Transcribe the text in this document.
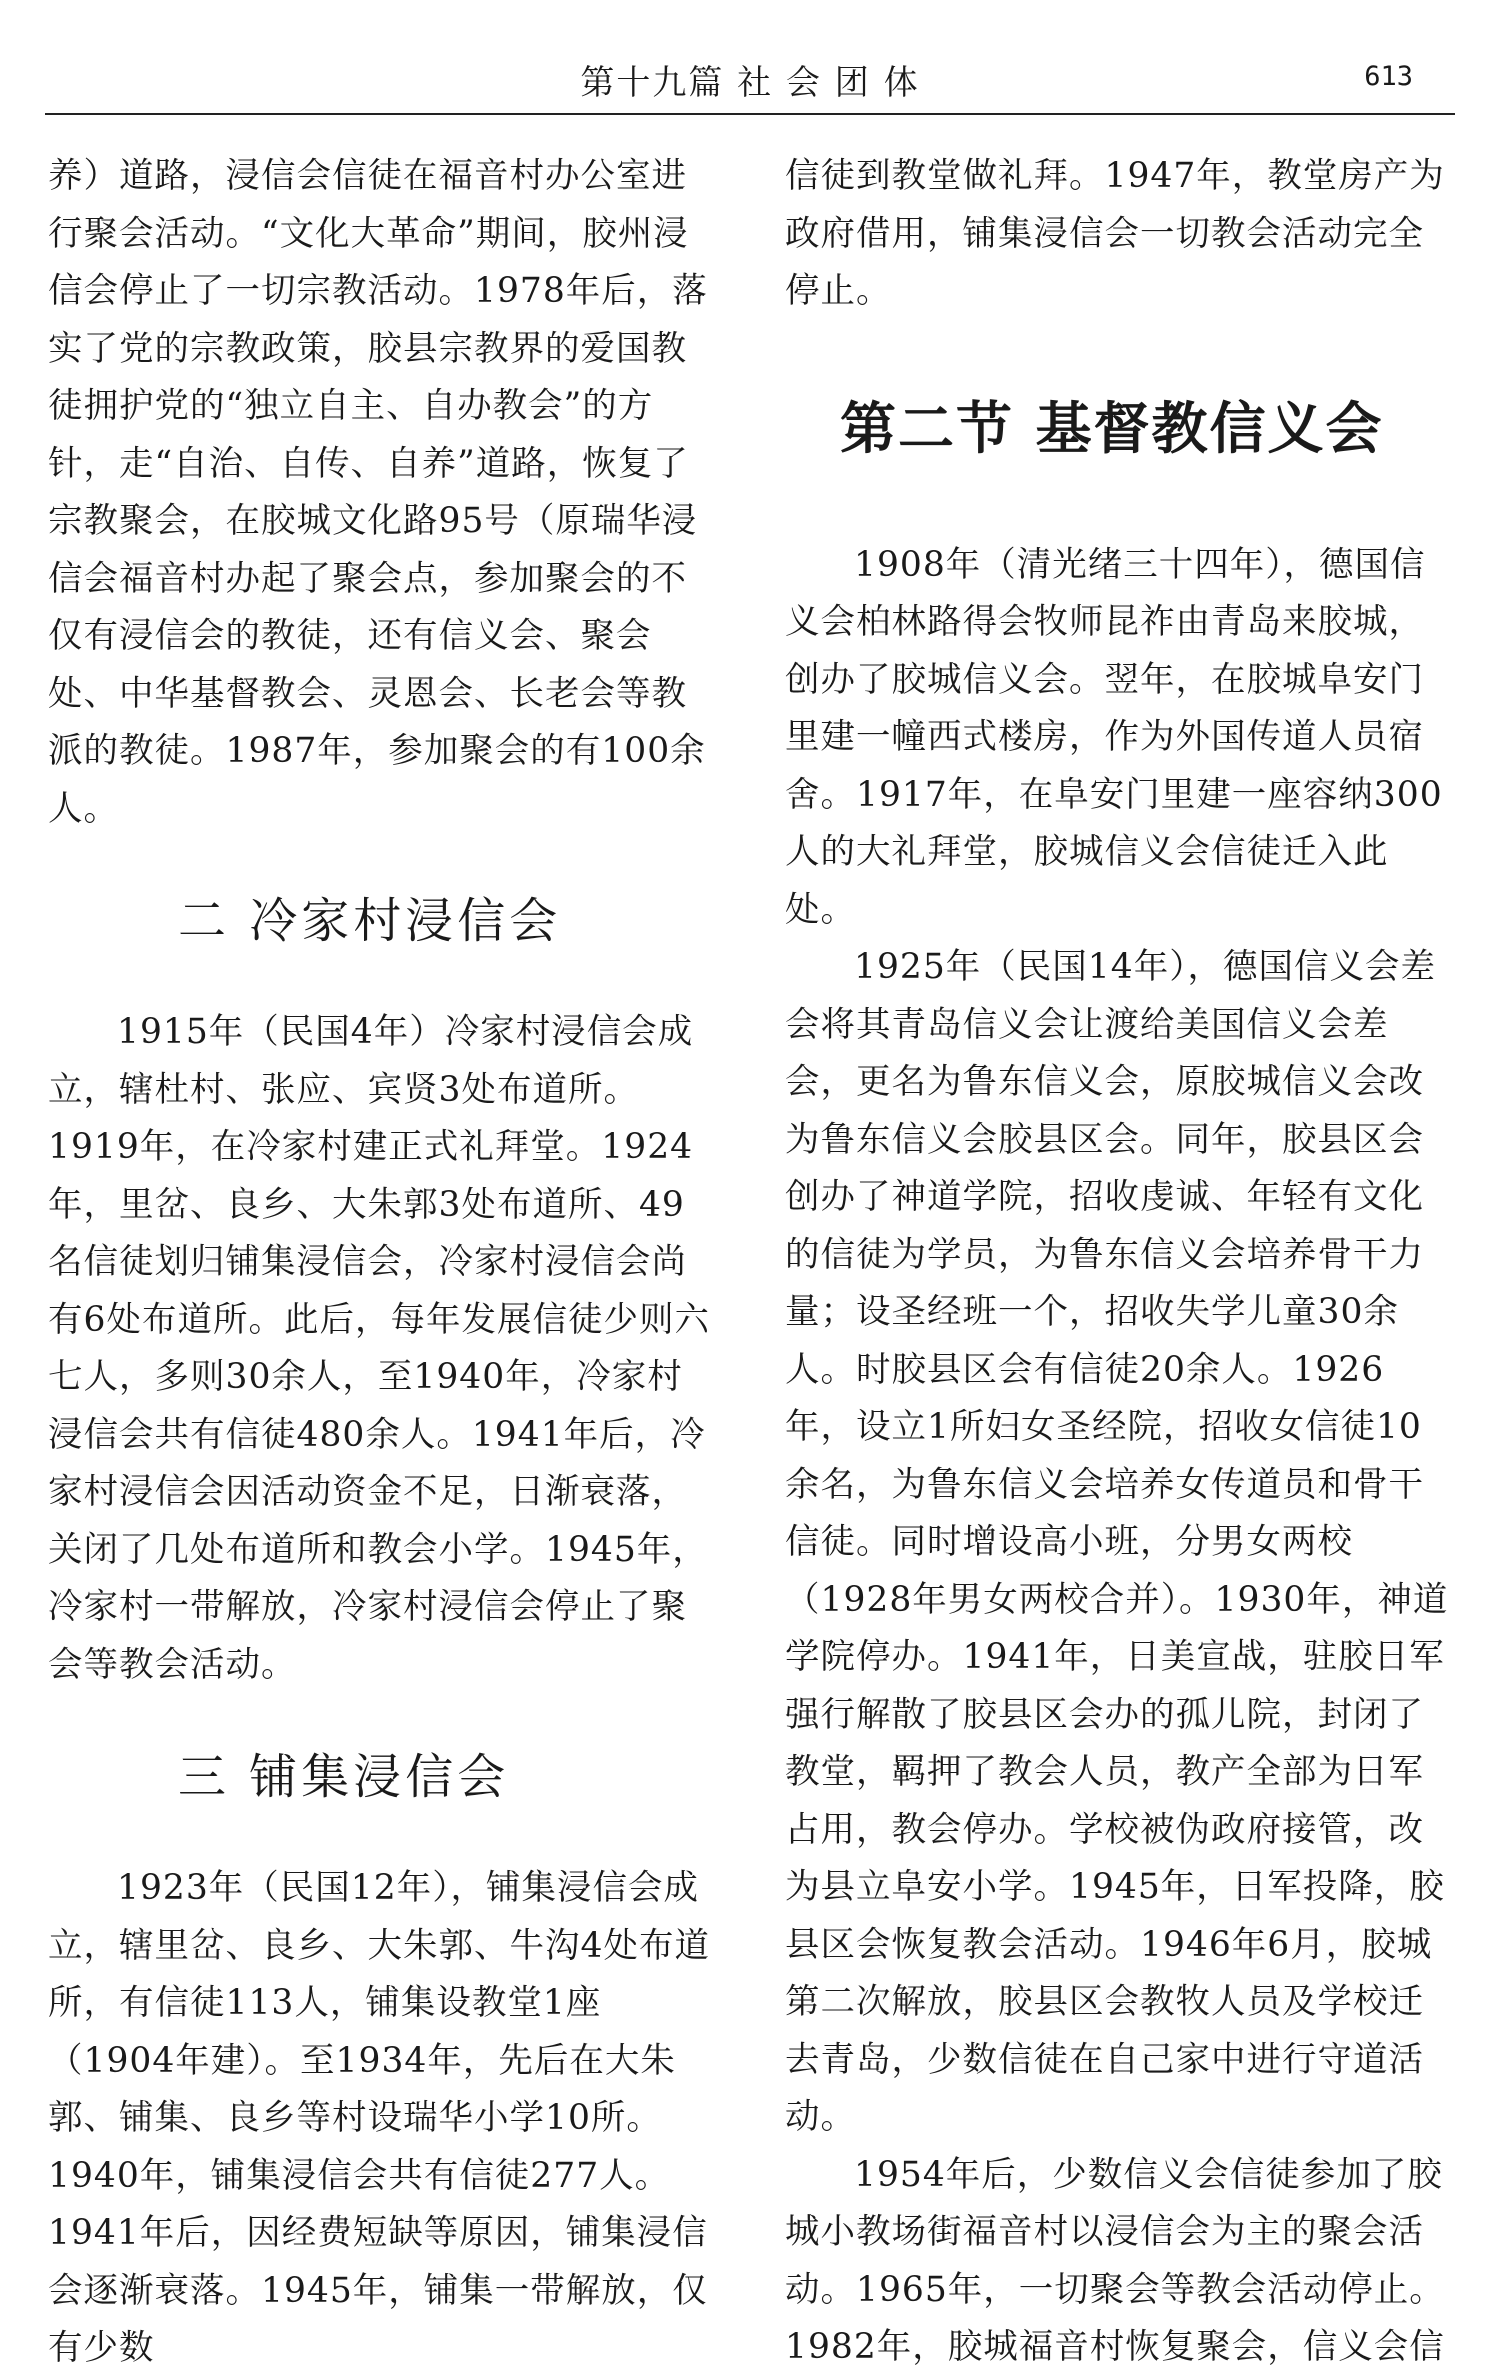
第十九篇 社 会 团 体	613

养）道路，浸信会信徒在福音村办公室进行聚会活动。“文化大革命”期间，胶州浸信会停止了一切宗教活动。1978年后，落实了党的宗教政策，胶县宗教界的爱国教徒拥护党的“独立自主、自办教会”的方针，走“自治、自传、自养”道路，恢复了宗教聚会，在胶城文化路95号（原瑞华浸信会福音村办起了聚会点，参加聚会的不仅有浸信会的教徒，还有信义会、聚会处、中华基督教会、灵恩会、长老会等教派的教徒。1987年，参加聚会的有100余人。

二 冷家村浸信会

1915年（民国4年）冷家村浸信会成立，辖杜村、张应、宾贤3处布道所。1919年，在冷家村建正式礼拜堂。1924年，里岔、良乡、大朱郭3处布道所、49名信徒划归铺集浸信会，冷家村浸信会尚有6处布道所。此后，每年发展信徒少则六七人，多则30余人，至1940年，冷家村浸信会共有信徒480余人。1941年后，冷家村浸信会因活动资金不足，日渐衰落，关闭了几处布道所和教会小学。1945年，冷家村一带解放，冷家村浸信会停止了聚会等教会活动。

三 铺集浸信会

1923年（民国12年），铺集浸信会成立，辖里岔、良乡、大朱郭、牛沟4处布道所，有信徒113人，铺集设教堂1座（1904年建）。至1934年，先后在大朱郭、铺集、良乡等村设瑞华小学10所。1940年，铺集浸信会共有信徒277人。1941年后，因经费短缺等原因，铺集浸信会逐渐衰落。1945年，铺集一带解放，仅有少数

信徒到教堂做礼拜。1947年，教堂房产为政府借用，铺集浸信会一切教会活动完全停止。

第二节 基督教信义会

1908年（清光绪三十四年），德国信义会柏林路得会牧师昆祚由青岛来胶城，创办了胶城信义会。翌年，在胶城阜安门里建一幢西式楼房，作为外国传道人员宿舍。1917年，在阜安门里建一座容纳300人的大礼拜堂，胶城信义会信徒迁入此处。

1925年（民国14年），德国信义会差会将其青岛信义会让渡给美国信义会差会，更名为鲁东信义会，原胶城信义会改为鲁东信义会胶县区会。同年，胶县区会创办了神道学院，招收虔诚、年轻有文化的信徒为学员，为鲁东信义会培养骨干力量；设圣经班一个，招收失学儿童30余人。时胶县区会有信徒20余人。1926年，设立1所妇女圣经院，招收女信徒10余名，为鲁东信义会培养女传道员和骨干信徒。同时增设高小班，分男女两校（1928年男女两校合并）。1930年，神道学院停办。1941年，日美宣战，驻胶日军强行解散了胶县区会办的孤儿院，封闭了教堂，羁押了教会人员，教产全部为日军占用，教会停办。学校被伪政府接管，改为县立阜安小学。1945年，日军投降，胶县区会恢复教会活动。1946年6月，胶城第二次解放，胶县区会教牧人员及学校迁去青岛，少数信徒在自己家中进行守道活动。

1954年后，少数信义会信徒参加了胶城小教场街福音村以浸信会为主的聚会活动。1965年，一切聚会等教会活动停止。1982年，胶城福音村恢复聚会，信义会信
